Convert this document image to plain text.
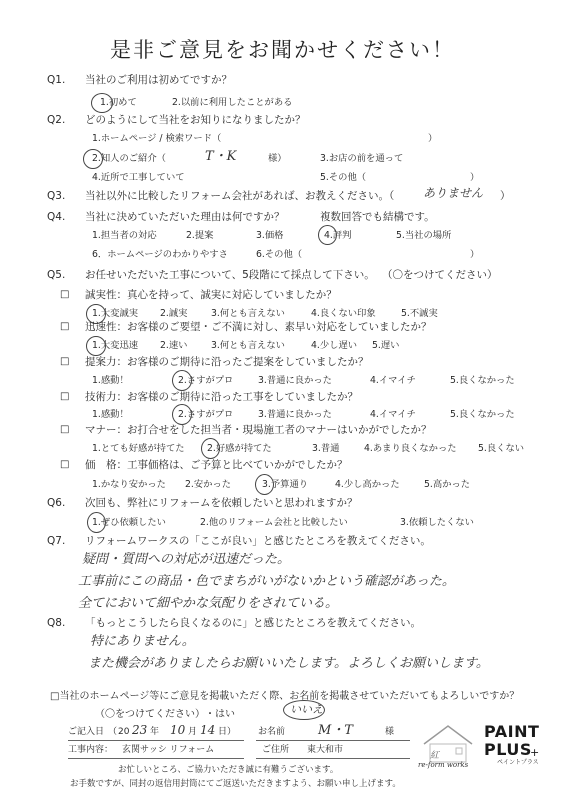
是非ご意見をお聞かせください！
Q1. 当社のご利用は初めてですか？
1.初めて	2.以前に利用したことがある
Q2. どのようにして当社をお知りになりましたか？
1.ホームページ / 検索ワード（	）
2.知人のご紹介（	T・K	様）	3.お店の前を通って
4.近所で工事していて	5.その他（	）
Q3. 当社以外に比較したリフォーム会社があれば、お教えください。（ ありません ）
Q4. 当社に決めていただいた理由は何ですか？	複数回答でも結構です。
1.担当者の対応	2.提案	3.価格	4.評判	5.当社の場所
6．ホームページのわかりやすさ	6.その他（	）
Q5. お任せいただいた工事について、5段階にて採点して下さい。 （〇をつけてください）
□ 誠実性：真心を持って、誠実に対応していましたか？
1.大変誠実 2.誠実	3.何とも言えない	4.良くない印象	5.不誠実
□ 迅速性：お客様のご要望・ご不満に対し、素早い対応をしていましたか？
1.大変迅速 2.速い	3.何とも言えない	4.少し遅い 5.遅い
□ 提案力：お客様のご期待に沿ったご提案をしていましたか？
1.感動！	2.さすがプロ	3.普通に良かった	4.イマイチ	5.良くなかった
□ 技術力：お客様のご期待に沿った工事をしていましたか？
1.感動！	2.さすがプロ	3.普通に良かった	4.イマイチ	5.良くなかった
□ マナー：お打合せをした担当者・現場施工者のマナーはいかがでしたか？
1.とても好感が持てた 2.好感が持てた	3.普通	4.あまり良くなかった 5.良くない
□ 価　格：工事価格は、ご予算と比べていかがでしたか？
1.かなり安かった 2.安かった	3.予算通り	4.少し高かった	5.高かった
Q6. 次回も、弊社にリフォームを依頼したいと思われますか？
1.ぜひ依頼したい	2.他のリフォーム会社と比較したい	3.依頼したくない
Q7. リフォームワークスの「ここが良い」と感じたところを教えてください。
疑問・質問への対応が迅速だった。
工事前にこの商品・色でまちがいがないかという確認があった。
全てにおいて細やかな気配りをされている。
Q8. 「もっとこうしたら良くなるのに」と感じたところを教えてください。
特にありません。
また機会がありましたらお願いいたします。よろしくお願いします。
□当社のホームページ等にご意見を掲載いただく際、お名前を掲載させていただいてもよろしいですか？
（〇をつけてください） ・はい	いいえ
ご記入日 （ 20 23 年 10 月 14 日） お名前	M・T	様
工事内容： 玄関サッシ リフォーム	ご住所 東大和市
お忙しいところ、ご協力いただき誠に有難うございます。
お手数ですが、同封の返信用封筒にてご返送いただきますよう、お願い申し上げます。
紅
re-form works
PAINT
PLUS
+
ペイントプラス
